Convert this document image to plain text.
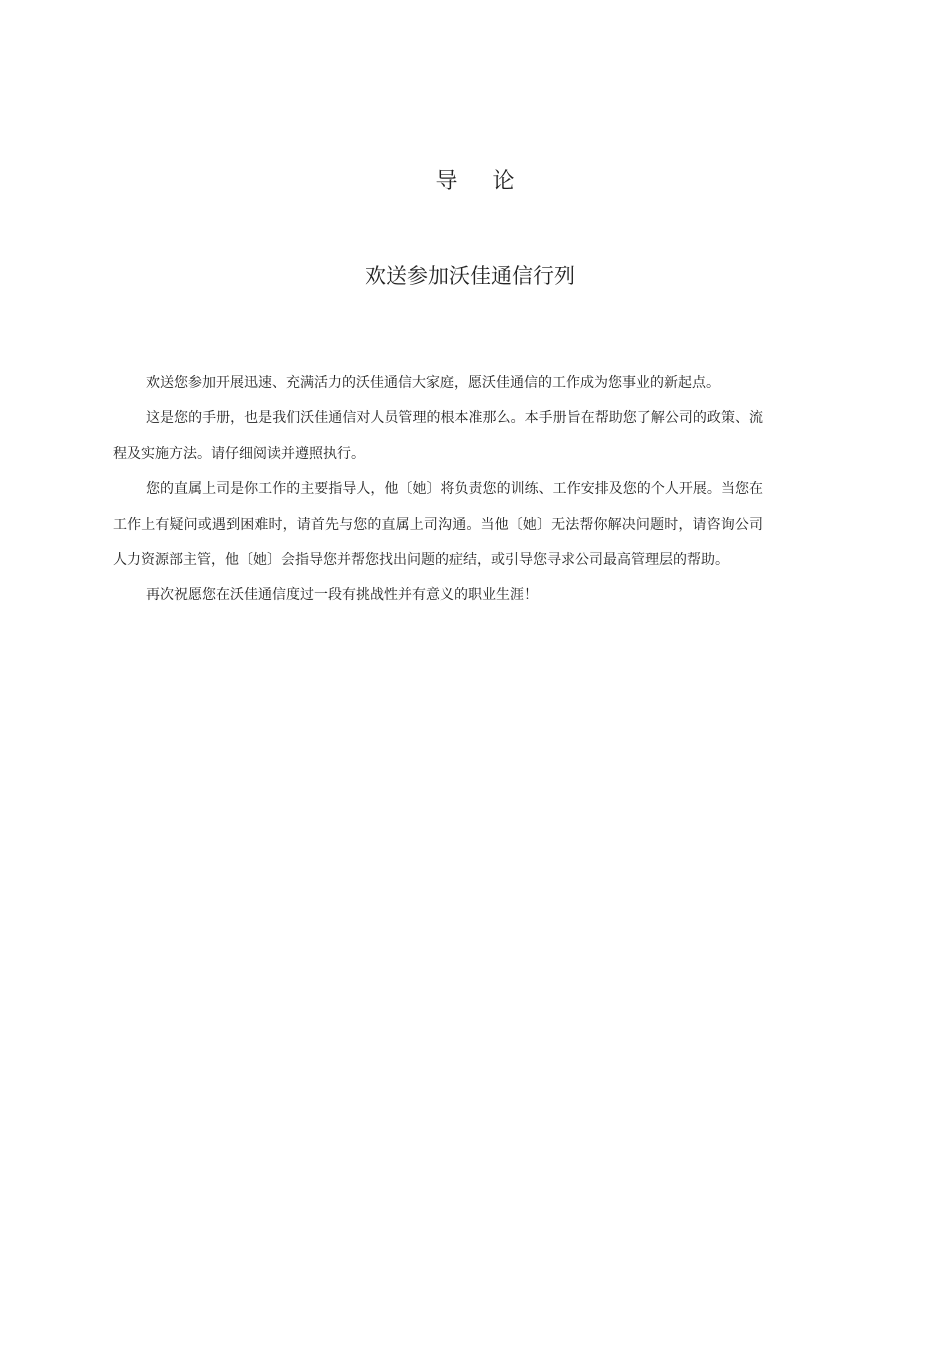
导 论
欢送参加沃佳通信行列

欢送您参加开展迅速、充满活力的沃佳通信大家庭，愿沃佳通信的工作成为您事业的新起点。

这是您的手册，也是我们沃佳通信对人员管理的根本准那么。本手册旨在帮助您了解公司的政策、流程及实施方法。请仔细阅读并遵照执行。

您的直属上司是你工作的主要指导人，他〔她〕将负责您的训练、工作安排及您的个人开展。当您在工作上有疑问或遇到困难时，请首先与您的直属上司沟通。当他〔她〕无法帮你解决问题时，请咨询公司人力资源部主管，他〔她〕会指导您并帮您找出问题的症结，或引导您寻求公司最高管理层的帮助。

再次祝愿您在沃佳通信度过一段有挑战性并有意义的职业生涯！
